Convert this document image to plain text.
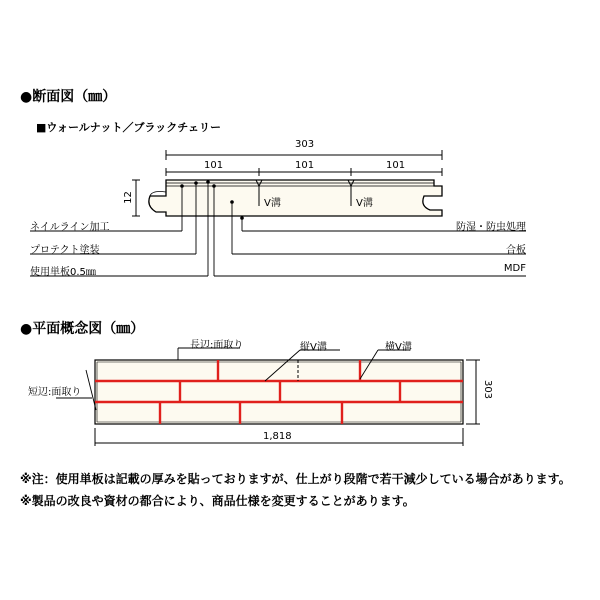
●断面図（㎜）
■ウォールナット／ブラックチェリー
303
101	101	101
12	V溝	V溝
ネイルライン加工
プロテクト塗装
使用単板0.5㎜
防湿・防虫処理
合板
MDF
●平面概念図（㎜）
長辺:面取り	縦V溝	横V溝
短辺:面取り
1,818
303
※注：使用単板は記載の厚みを貼っておりますが、仕上がり段階で若干減少している場合があります。
※製品の改良や資材の都合により、商品仕様を変更することがあります。
